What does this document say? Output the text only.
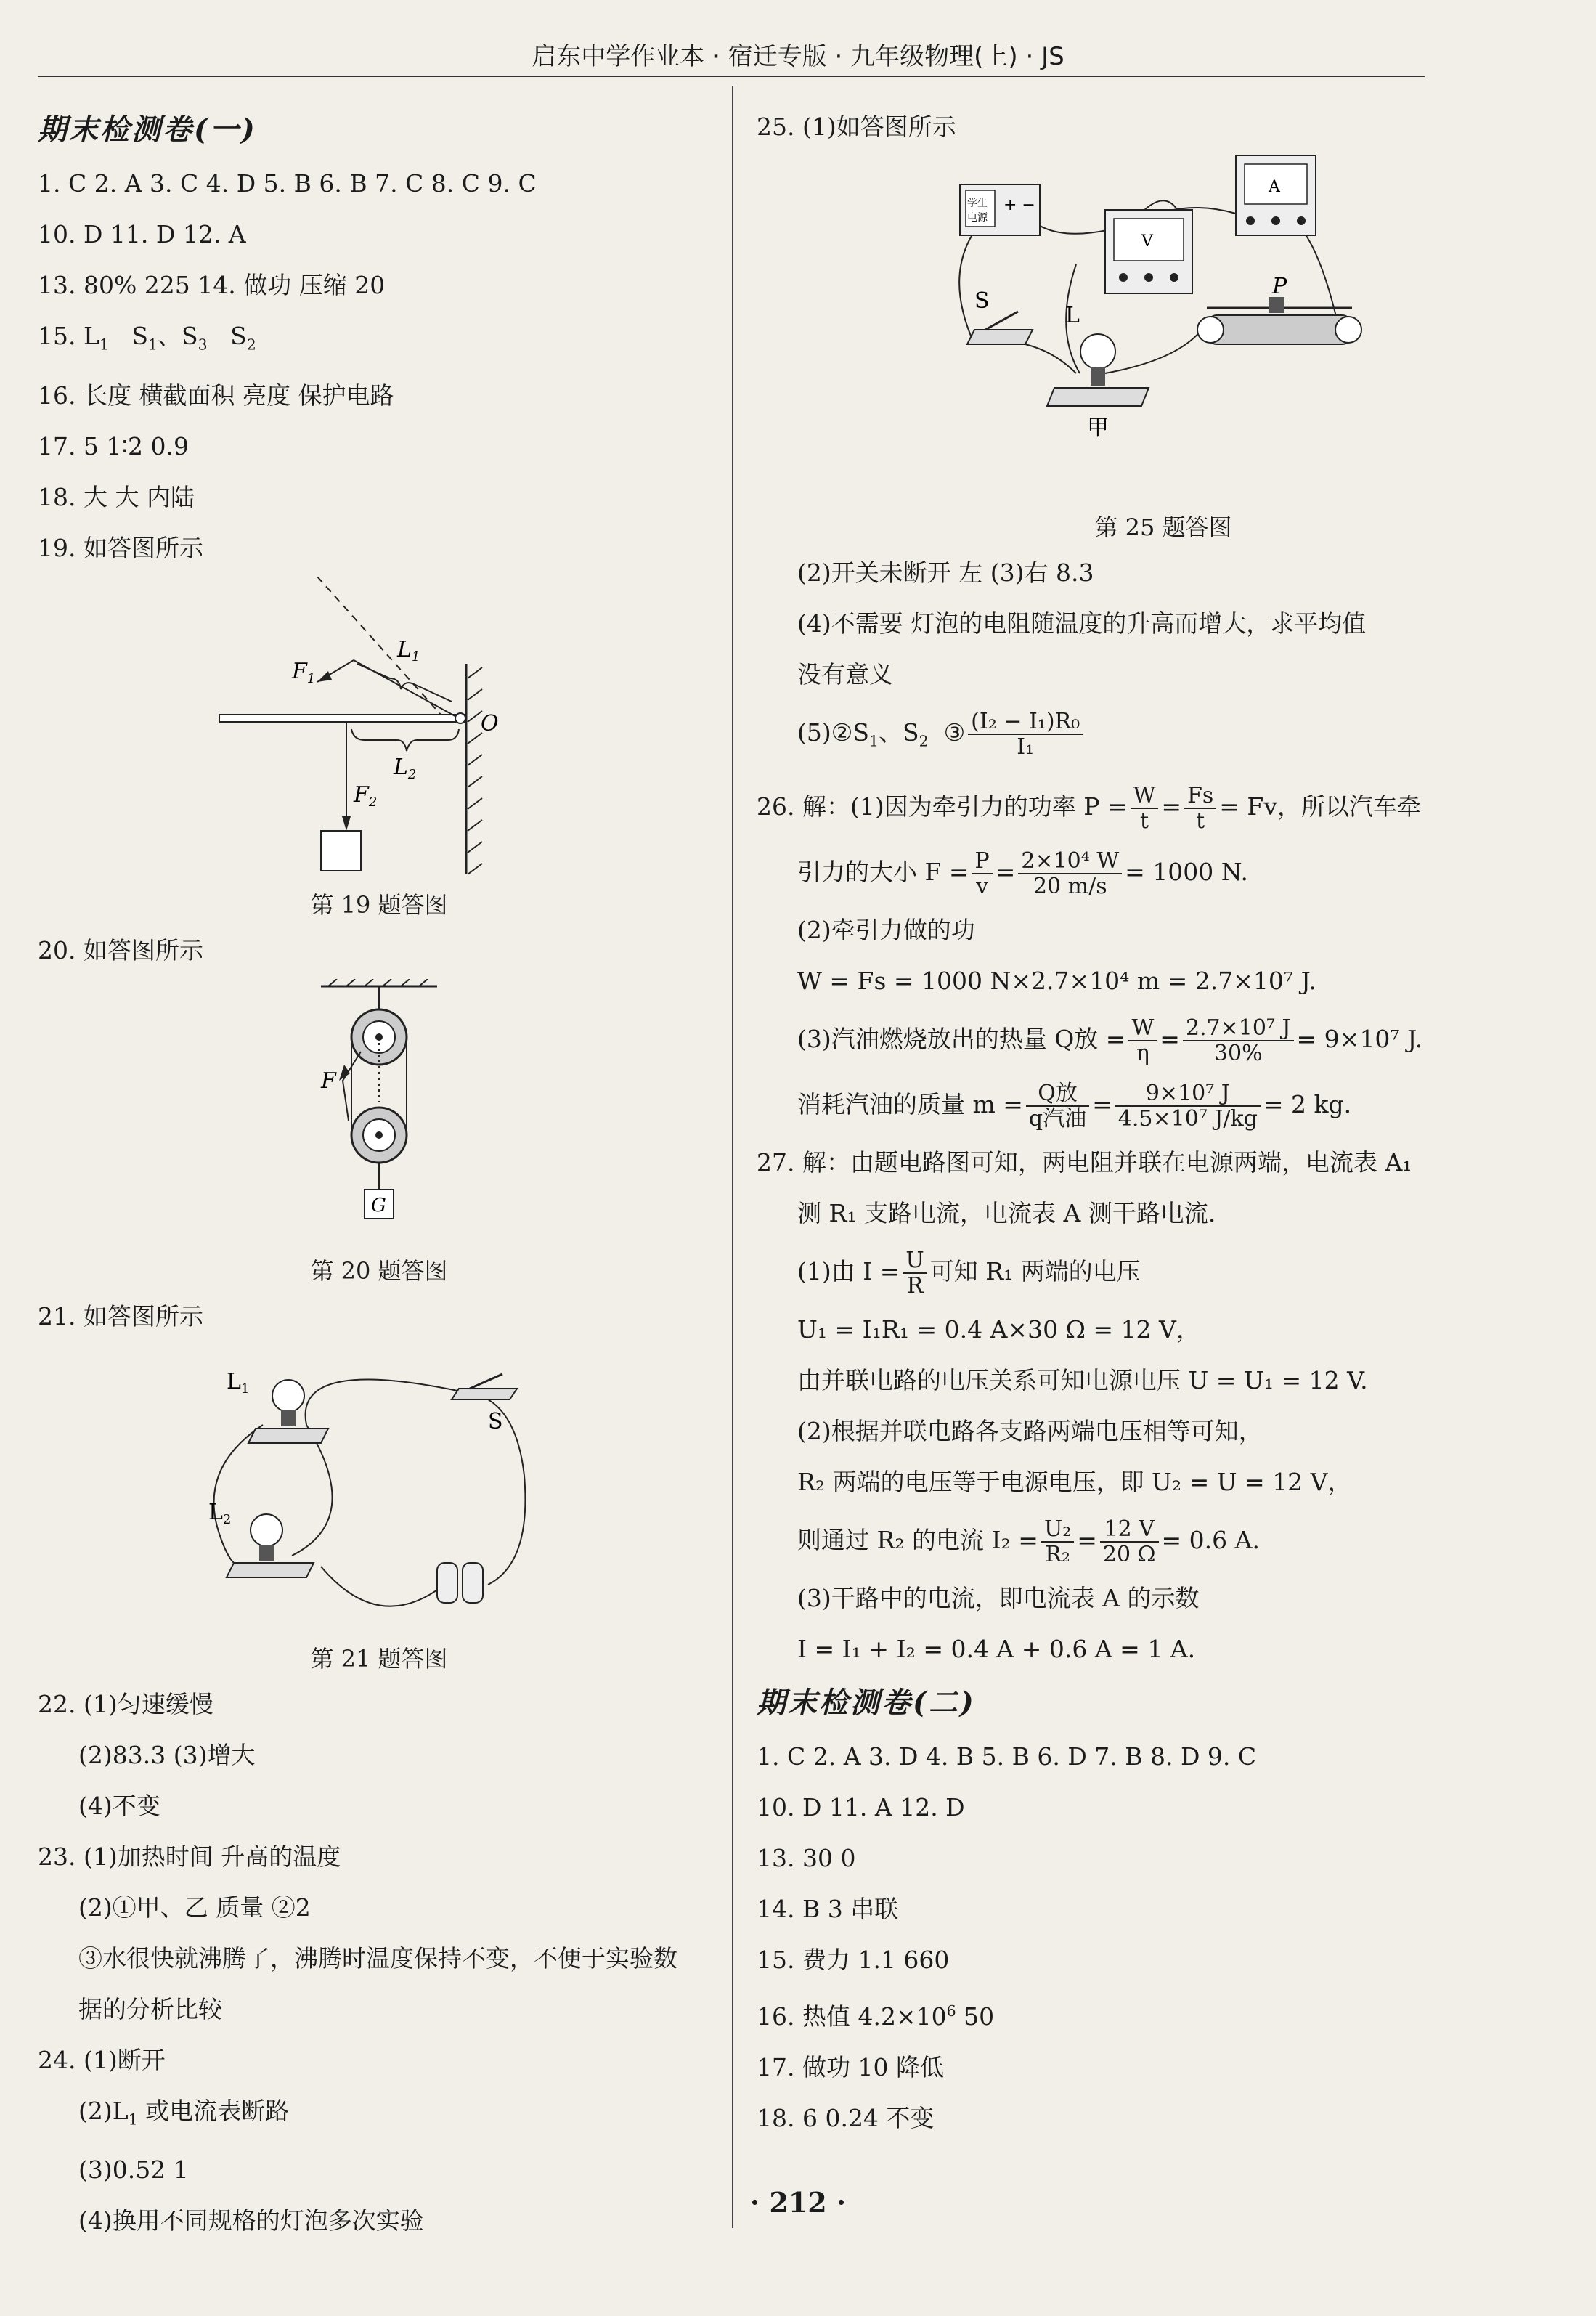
启东中学作业本 · 宿迁专版 · 九年级物理(上) · JS
期末检测卷(一)
1. C 2. A 3. C 4. D 5. B 6. B 7. C 8. C 9. C
10. D 11. D 12. A
13. 80% 225 14. 做功 压缩 20
15. $L_1$ $S_1$、$S_3$ $S_2$
16. 长度 横截面积 亮度 保护电路
17. 5 1∶2 0.9
18. 大 大 内陆
19. 如答图所示
$F_1$
$L_1$
O
$L_2$
$F_2$
第 19 题答图
20. 如答图所示
F
G
第 20 题答图
21. 如答图所示
$L_1$
$L_2$
S
第 21 题答图
22. (1)匀速缓慢
(2)83.3 (3)增大
(4)不变
23. (1)加热时间 升高的温度
(2)①甲、乙 质量 ②2
③水很快就沸腾了，沸腾时温度保持不变，不便于实验数
据的分析比较
24. (1)断开
$(2)L_1$ 或电流表断路
(3)0.52 1
(4)换用不同规格的灯泡多次实验
25. (1)如答图所示
学生
电源
+ −
A
V
S
L
P
甲
第 25 题答图
(2)开关未断开 左 (3)右 8.3
(4)不需要 灯泡的电阻随温度的升高而增大，求平均值
没有意义
$(5)②S_1$、$S_2$ ③ $\frac{\text{(I₂ − I₁)R₀}}{\text{I₁}}$
26. 解：(1)因为牵引力的功率 $P = \frac{W}{t} = \frac{Fs}{t} = Fv$，所以汽车牵
引力的大小 $F = \frac{P}{v} = \frac{\text{2×10⁴ W}}{20 m/s} = 1000$ N.
(2)牵引力做的功
W = Fs = 1000 N×2.7×10⁴ m = 2.7×10⁷ J.
(3)汽油燃烧放出的热量 Q放 = $\frac{W}{\eta} = \frac{\text{2.7×10⁷ J}}{30\%} = 9\times 10^7$ J.
消耗汽油的质量 $m = \frac{\text{Q放}}{\text{q汽油}} = \frac{\text{9×10⁷ J}}{\text{4.5×10⁷ J/kg}} = 2$ kg.
27. 解：由题电路图可知，两电阻并联在电源两端，电流表 A₁
测 R₁ 支路电流，电流表 A 测干路电流.
(1)由 $I = \frac{U}{R}$ 可知 R₁ 两端的电压
U₁ = I₁R₁ = 0.4 A×30 Ω = 12 V，
由并联电路的电压关系可知电源电压 U = U₁ = 12 V.
(2)根据并联电路各支路两端电压相等可知，
R₂ 两端的电压等于电源电压，即 U₂ = U = 12 V，
则通过 R₂ 的电流 $I_2 = \frac{\text{U₂}}{\text{R₂}} = \frac{12 V}{20 \Omega} = 0.6$ A.
(3)干路中的电流，即电流表 A 的示数
I = I₁ + I₂ = 0.4 A + 0.6 A = 1 A.
期末检测卷(二)
1. C 2. A 3. D 4. B 5. B 6. D 7. B 8. D 9. C
10. D 11. A 12. D
13. 30 0
14. B 3 串联
15. 费力 1.1 660
16. 热值 $4.2\times 10^6$ 50
17. 做功 10 降低
18. 6 0.24 不变
· 212 ·
